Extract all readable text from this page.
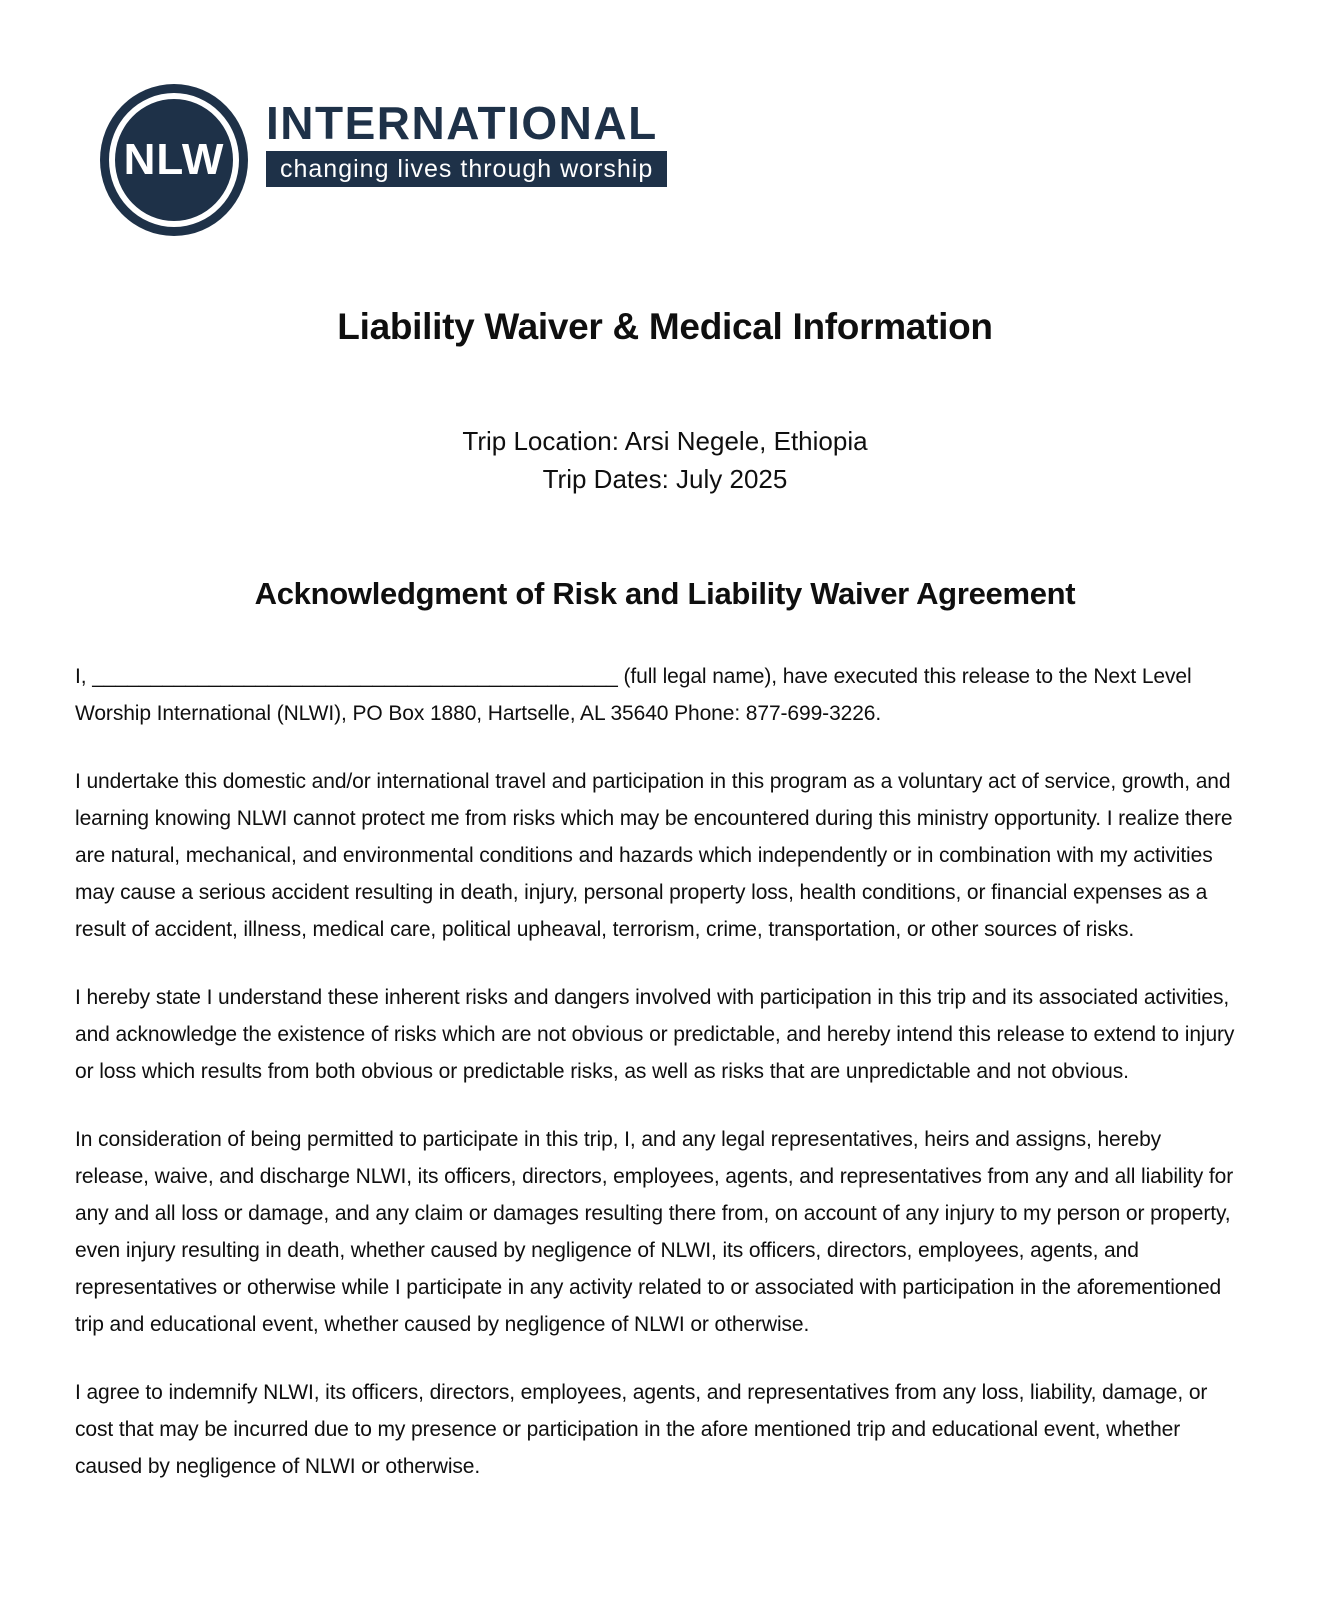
NLW
INTERNATIONAL
changing lives through worship
Liability Waiver & Medical Information

Trip Location: Arsi Negele, Ethiopia

Trip Dates: July 2025

Acknowledgment of Risk and Liability Waiver Agreement

I, _____________________________________________ (full legal name), have executed this release to the Next Level Worship International (NLWI), PO Box 1880, Hartselle, AL 35640 Phone: 877-699-3226.

I undertake this domestic and/or international travel and participation in this program as a voluntary act of service, growth, and learning knowing NLWI cannot protect me from risks which may be encountered during this ministry opportunity. I realize there are natural, mechanical, and environmental conditions and hazards which independently or in combination with my activities may cause a serious accident resulting in death, injury, personal property loss, health conditions, or financial expenses as a result of accident, illness, medical care, political upheaval, terrorism, crime, transportation, or other sources of risks.

I hereby state I understand these inherent risks and dangers involved with participation in this trip and its associated activities, and acknowledge the existence of risks which are not obvious or predictable, and hereby intend this release to extend to injury or loss which results from both obvious or predictable risks, as well as risks that are unpredictable and not obvious.

In consideration of being permitted to participate in this trip, I, and any legal representatives, heirs and assigns, hereby release, waive, and discharge NLWI, its officers, directors, employees, agents, and representatives from any and all liability for any and all loss or damage, and any claim or damages resulting there from, on account of any injury to my person or property, even injury resulting in death, whether caused by negligence of NLWI, its officers, directors, employees, agents, and representatives or otherwise while I participate in any activity related to or associated with participation in the aforementioned trip and educational event, whether caused by negligence of NLWI or otherwise.

I agree to indemnify NLWI, its officers, directors, employees, agents, and representatives from any loss, liability, damage, or cost that may be incurred due to my presence or participation in the afore mentioned trip and educational event, whether caused by negligence of NLWI or otherwise.
